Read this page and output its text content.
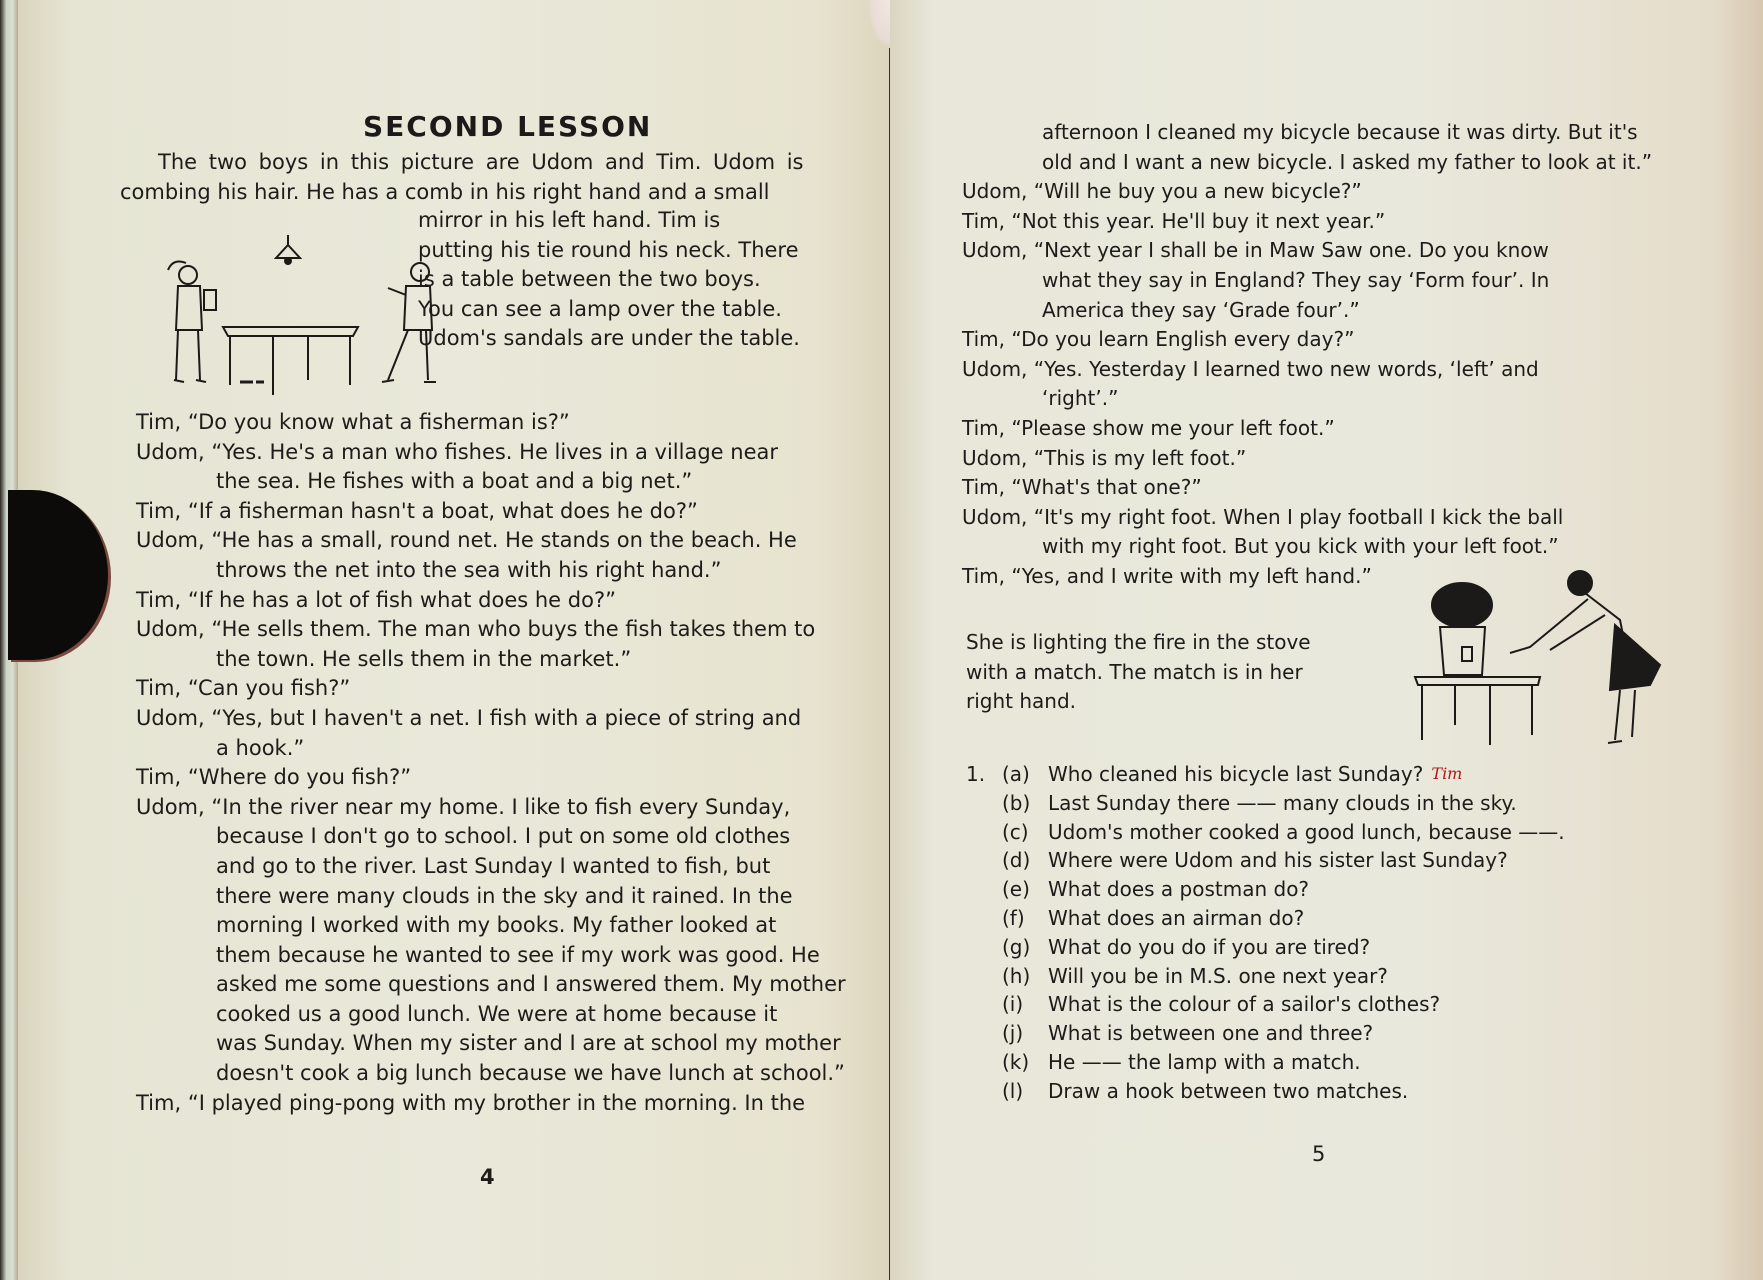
SECOND LESSON
The two boys in this picture are Udom and Tim. Udom is
combing his hair. He has a comb in his right hand and a small
mirror in his left hand. Tim is
putting his tie round his neck. There
is a table between the two boys.
You can see a lamp over the table.
Udom's sandals are under the table.
Tim, “Do you know what a fisherman is?”
Udom, “Yes. He's a man who fishes. He lives in a village near
the sea. He fishes with a boat and a big net.”
Tim, “If a fisherman hasn't a boat, what does he do?”
Udom, “He has a small, round net. He stands on the beach. He
throws the net into the sea with his right hand.”
Tim, “If he has a lot of fish what does he do?”
Udom, “He sells them. The man who buys the fish takes them to
the town. He sells them in the market.”
Tim, “Can you fish?”
Udom, “Yes, but I haven't a net. I fish with a piece of string and
a hook.”
Tim, “Where do you fish?”
Udom, “In the river near my home. I like to fish every Sunday,
because I don't go to school. I put on some old clothes
and go to the river. Last Sunday I wanted to fish, but
there were many clouds in the sky and it rained. In the
morning I worked with my books. My father looked at
them because he wanted to see if my work was good. He
asked me some questions and I answered them. My mother
cooked us a good lunch. We were at home because it
was Sunday. When my sister and I are at school my mother
doesn't cook a big lunch because we have lunch at school.”
Tim, “I played ping-pong with my brother in the morning. In the
4
afternoon I cleaned my bicycle because it was dirty. But it's
old and I want a new bicycle. I asked my father to look at it.”
Udom, “Will he buy you a new bicycle?”
Tim, “Not this year. He'll buy it next year.”
Udom, “Next year I shall be in Maw Saw one. Do you know
what they say in England? They say ‘Form four’. In
America they say ‘Grade four’.”
Tim, “Do you learn English every day?”
Udom, “Yes. Yesterday I learned two new words, ‘left’ and
‘right’.”
Tim, “Please show me your left foot.”
Udom, “This is my left foot.”
Tim, “What's that one?”
Udom, “It's my right foot. When I play football I kick the ball
with my right foot. But you kick with your left foot.”
Tim, “Yes, and I write with my left hand.”
She is lighting the fire in the stove
with a match. The match is in her
right hand.
1. (a) Who cleaned his bicycle last Sunday? Tim
(b) Last Sunday there —— many clouds in the sky.
(c) Udom's mother cooked a good lunch, because ——.
(d) Where were Udom and his sister last Sunday?
(e) What does a postman do?
(f)	What does an airman do?
(g) What do you do if you are tired?
(h) Will you be in M.S. one next year?
(i)	What is the colour of a sailor's clothes?
(j)	What is between one and three?
(k) He —— the lamp with a match.
(l)	Draw a hook between two matches.
5
